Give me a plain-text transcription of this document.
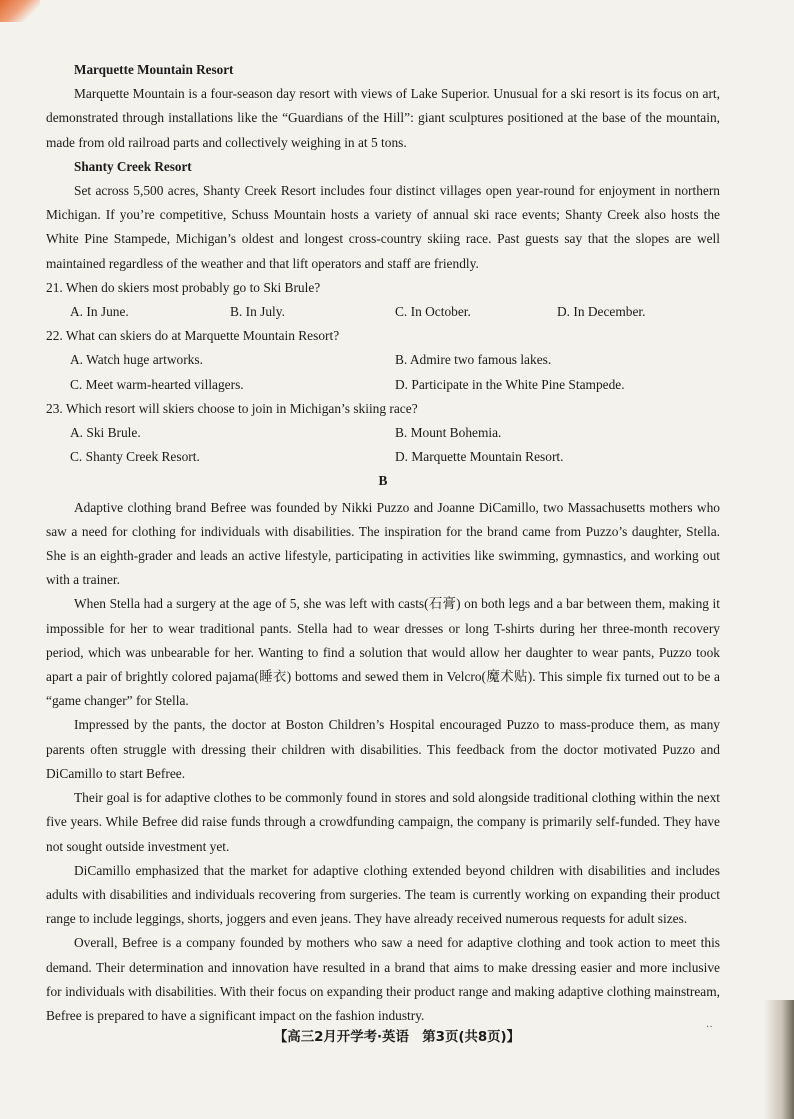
Marquette Mountain Resort

Marquette Mountain is a four-season day resort with views of Lake Superior. Unusual for a ski resort is its focus on art, demonstrated through installations like the “Guardians of the Hill”: giant sculptures positioned at the base of the mountain, made from old railroad parts and collectively weighing in at 5 tons.

Shanty Creek Resort

Set across 5,500 acres, Shanty Creek Resort includes four distinct villages open year-round for enjoyment in northern Michigan. If you’re competitive, Schuss Mountain hosts a variety of annual ski race events; Shanty Creek also hosts the White Pine Stampede, Michigan’s oldest and longest cross-country skiing race. Past guests say that the slopes are well maintained regardless of the weather and that lift operators and staff are friendly.

21. When do skiers most probably go to Ski Brule?
A. In June.	B. In July.	C. In October.	D. In December.
22. What can skiers do at Marquette Mountain Resort?
A. Watch huge artworks.	B. Admire two famous lakes.
C. Meet warm-hearted villagers.	D. Participate in the White Pine Stampede.
23. Which resort will skiers choose to join in Michigan’s skiing race?
A. Ski Brule.	B. Mount Bohemia.
C. Shanty Creek Resort.	D. Marquette Mountain Resort.
B

Adaptive clothing brand Befree was founded by Nikki Puzzo and Joanne DiCamillo, two Massachusetts mothers who saw a need for clothing for individuals with disabilities. The inspiration for the brand came from Puzzo’s daughter, Stella. She is an eighth-grader and leads an active lifestyle, participating in activities like swimming, gymnastics, and working out with a trainer.

When Stella had a surgery at the age of 5, she was left with casts(石膏) on both legs and a bar between them, making it impossible for her to wear traditional pants. Stella had to wear dresses or long T-shirts during her three-month recovery period, which was unbearable for her. Wanting to find a solution that would allow her daughter to wear pants, Puzzo took apart a pair of brightly colored pajama(睡衣) bottoms and sewed them in Velcro(魔术贴). This simple fix turned out to be a “game changer” for Stella.

Impressed by the pants, the doctor at Boston Children’s Hospital encouraged Puzzo to mass-produce them, as many parents often struggle with dressing their children with disabilities. This feedback from the doctor motivated Puzzo and DiCamillo to start Befree.

Their goal is for adaptive clothes to be commonly found in stores and sold alongside traditional clothing within the next five years. While Befree did raise funds through a crowdfunding campaign, the company is primarily self-funded. They have not sought outside investment yet.

DiCamillo emphasized that the market for adaptive clothing extended beyond children with disabilities and includes adults with disabilities and individuals recovering from surgeries. The team is currently working on expanding their product range to include leggings, shorts, joggers and even jeans. They have already received numerous requests for adult sizes.

Overall, Befree is a company founded by mothers who saw a need for adaptive clothing and took action to meet this demand. Their determination and innovation have resulted in a brand that aims to make dressing easier and more inclusive for individuals with disabilities. With their focus on expanding their product range and making adaptive clothing mainstream, Befree is prepared to have a significant impact on the fashion industry.

··
【高三2月开学考·英语　第3页(共8页)】
